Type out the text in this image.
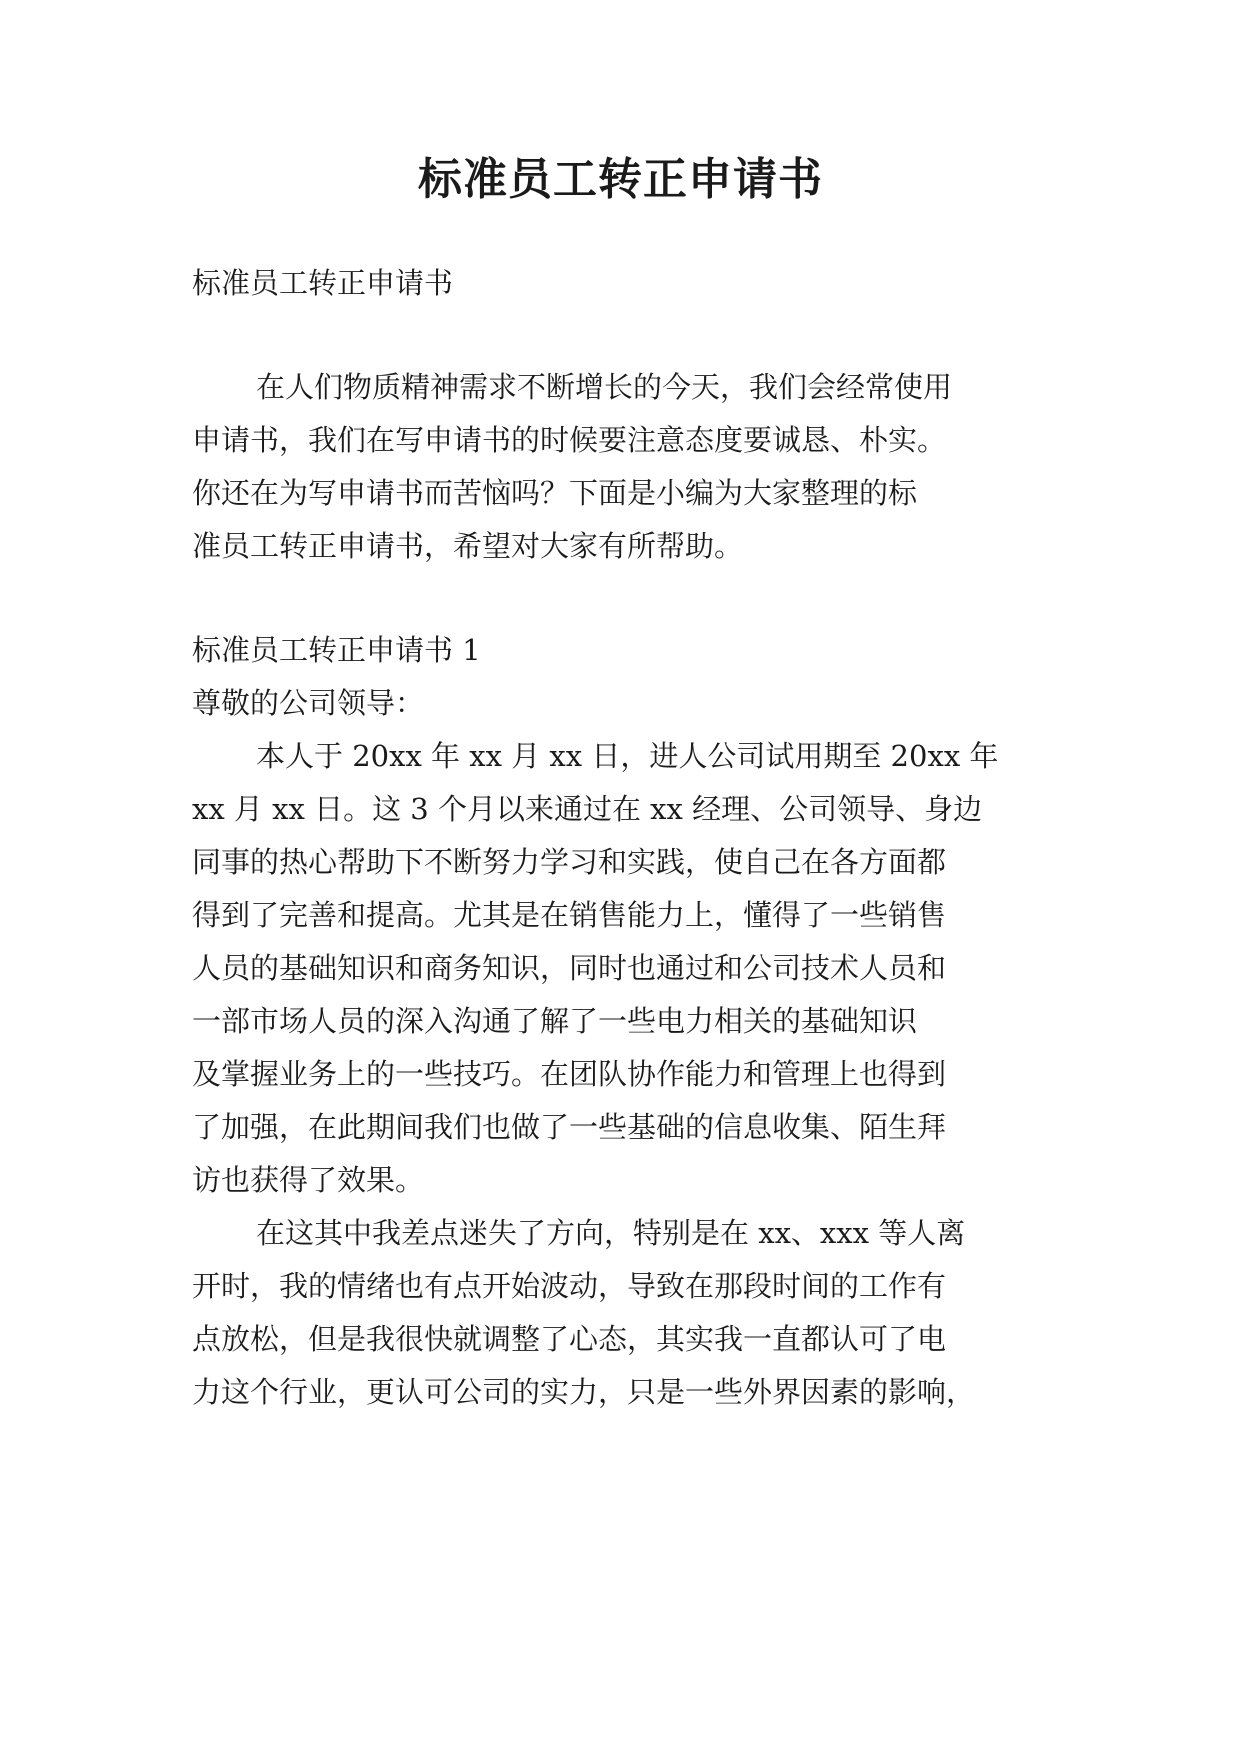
标准员工转正申请书

标准员工转正申请书

在人们物质精神需求不断增长的今天，我们会经常使用

申请书，我们在写申请书的时候要注意态度要诚恳、朴实。

你还在为写申请书而苦恼吗？下面是小编为大家整理的标

准员工转正申请书，希望对大家有所帮助。

标准员工转正申请书 1

尊敬的公司领导：

本人于 20xx 年 xx 月 xx 日，进人公司试用期至 20xx 年

xx 月 xx 日。这 3 个月以来通过在 xx 经理、公司领导、身边

同事的热心帮助下不断努力学习和实践，使自己在各方面都

得到了完善和提高。尤其是在销售能力上，懂得了一些销售

人员的基础知识和商务知识，同时也通过和公司技术人员和

一部市场人员的深入沟通了解了一些电力相关的基础知识

及掌握业务上的一些技巧。在团队协作能力和管理上也得到

了加强，在此期间我们也做了一些基础的信息收集、陌生拜

访也获得了效果。

在这其中我差点迷失了方向，特别是在 xx、xxx 等人离

开时，我的情绪也有点开始波动，导致在那段时间的工作有

点放松，但是我很快就调整了心态，其实我一直都认可了电

力这个行业，更认可公司的实力，只是一些外界因素的影响，
